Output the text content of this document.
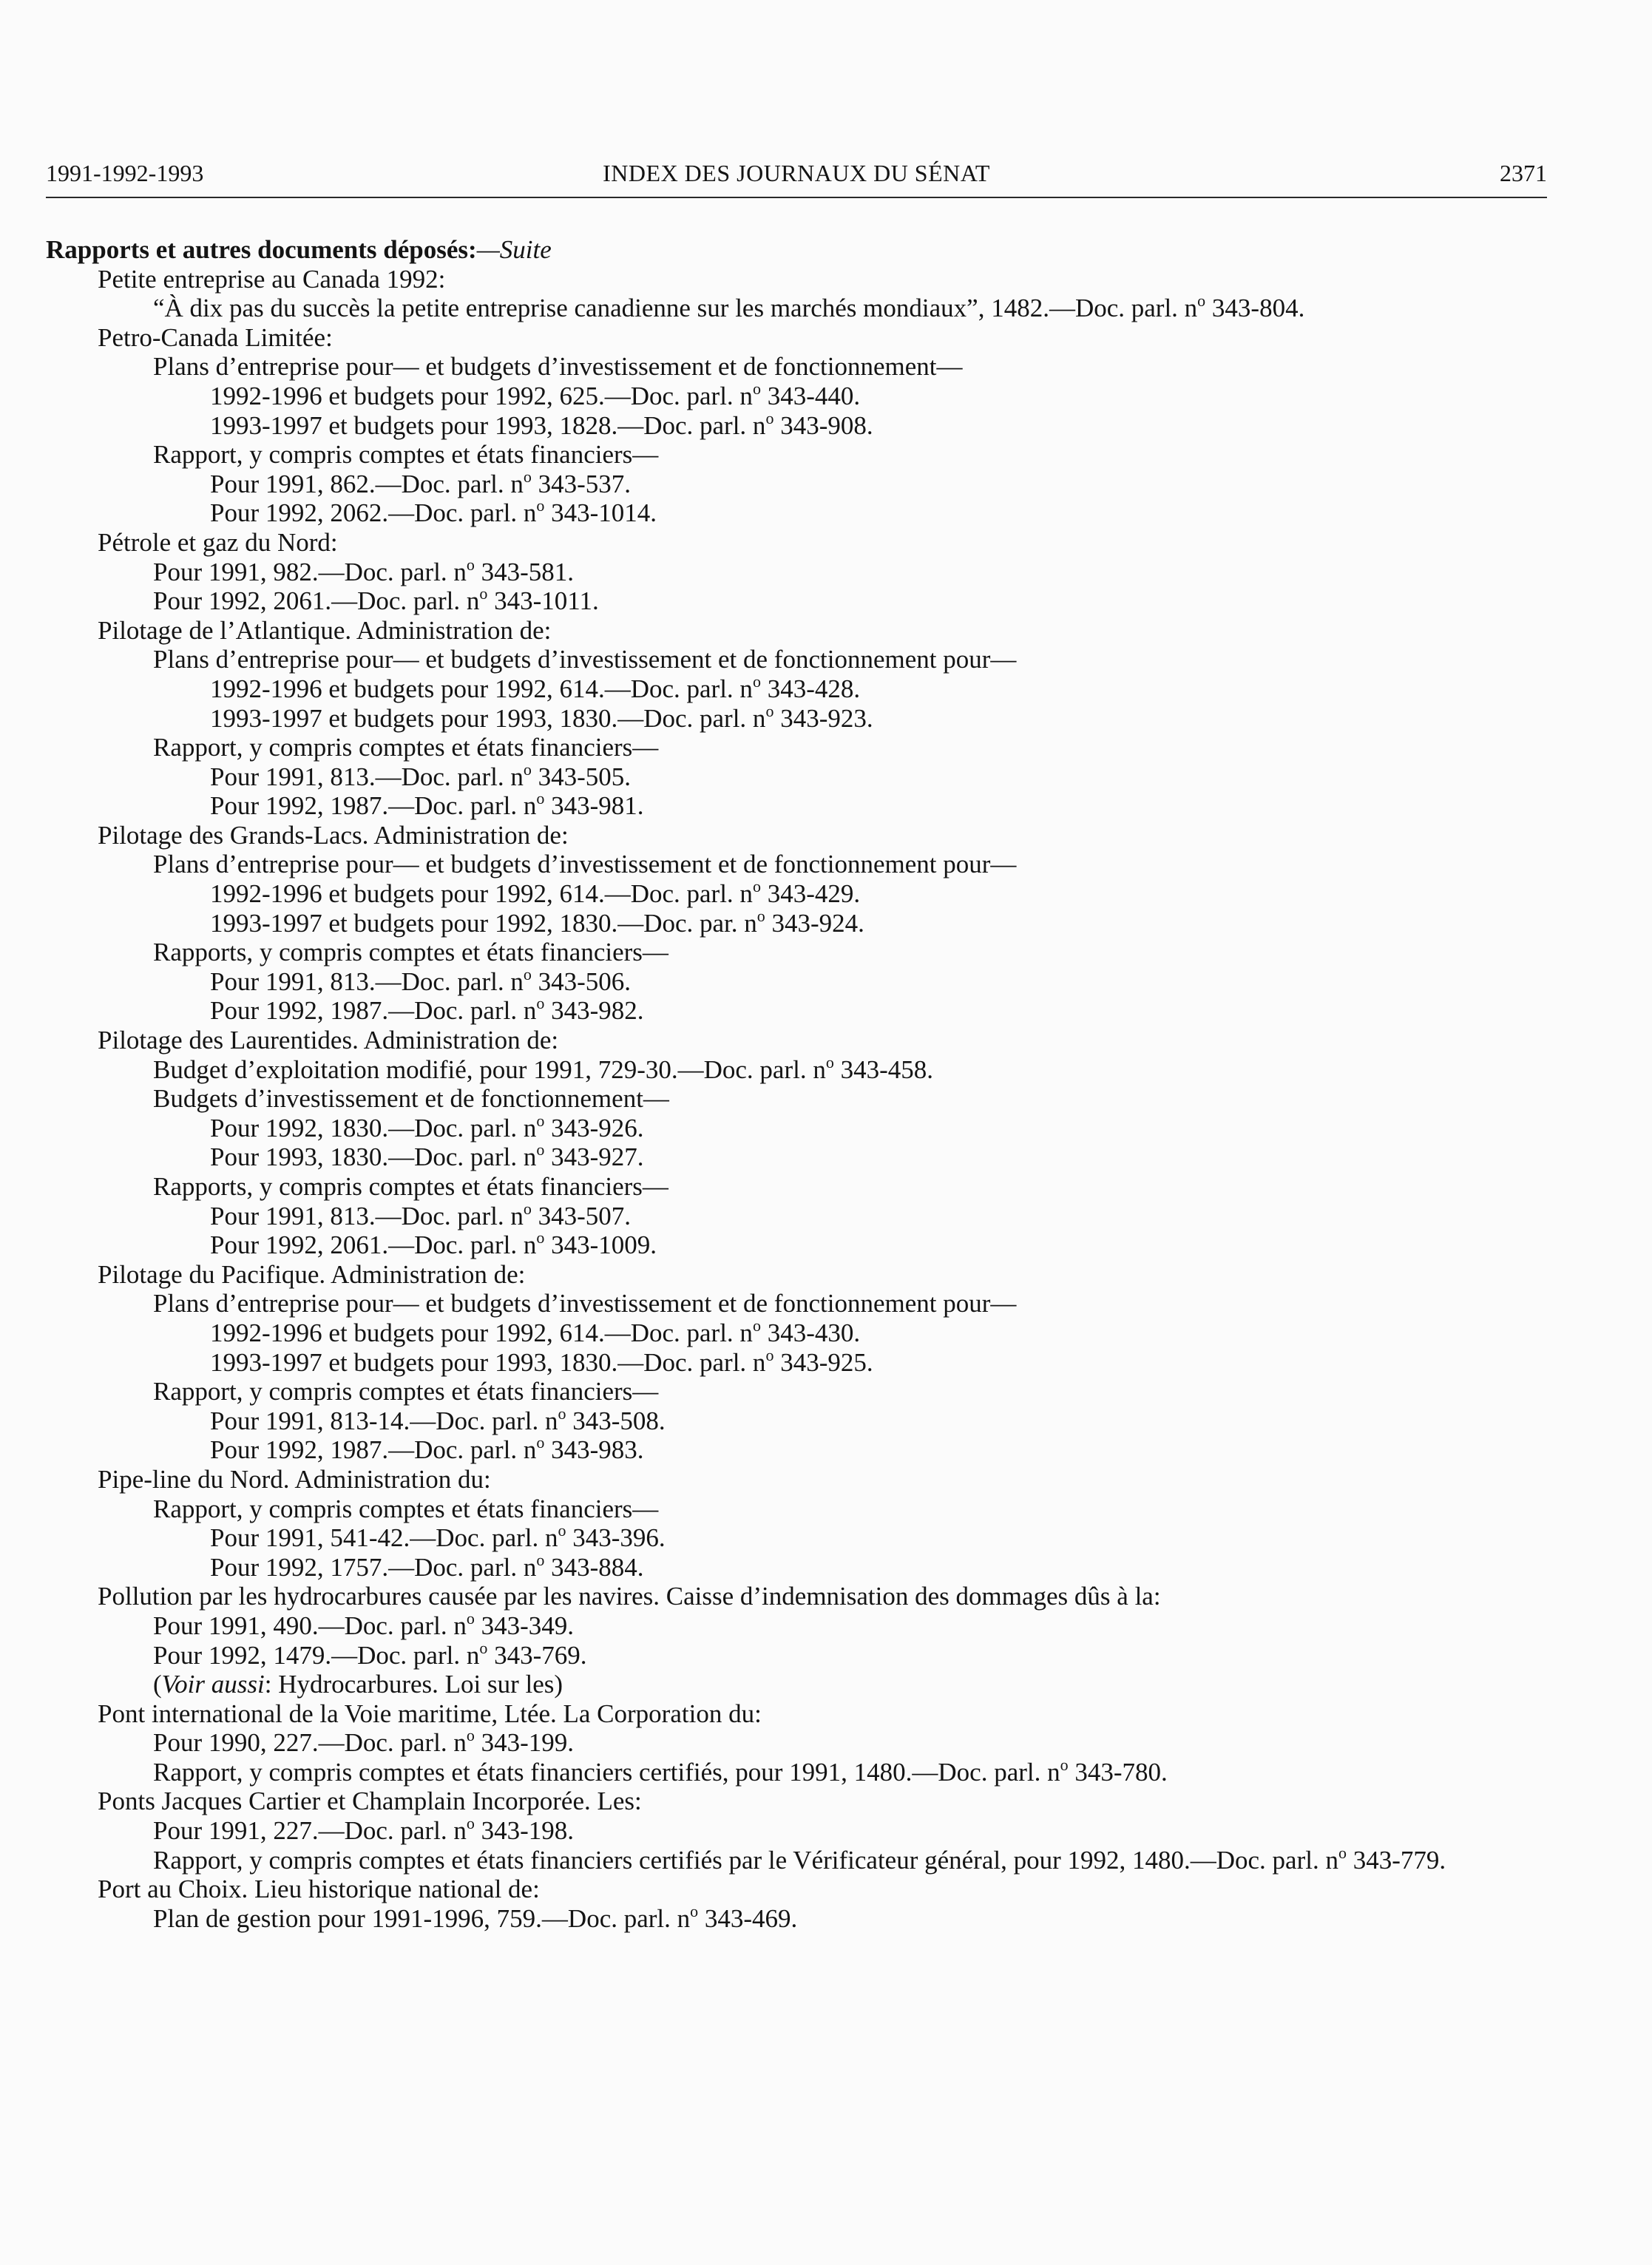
1991-1992-1993	INDEX DES JOURNAUX DU SÉNAT	2371
Rapports et autres documents déposés:—Suite
Petite entreprise au Canada 1992:
“À dix pas du succès la petite entreprise canadienne sur les marchés mondiaux”, 1482.—Doc. parl. $n^o$ 343-804.
Petro-Canada Limitée:
Plans d’entreprise pour— et budgets d’investissement et de fonctionnement—
1992-1996 et budgets pour 1992, 625.—Doc. parl. $n^o$ 343-440.
1993-1997 et budgets pour 1993, 1828.—Doc. parl. $n^o$ 343-908.
Rapport, y compris comptes et états financiers—
Pour 1991, 862.—Doc. parl. $n^o$ 343-537.
Pour 1992, 2062.—Doc. parl. $n^o$ 343-1014.
Pétrole et gaz du Nord:
Pour 1991, 982.—Doc. parl. $n^o$ 343-581.
Pour 1992, 2061.—Doc. parl. $n^o$ 343-1011.
Pilotage de l’Atlantique. Administration de:
Plans d’entreprise pour— et budgets d’investissement et de fonctionnement pour—
1992-1996 et budgets pour 1992, 614.—Doc. parl. $n^o$ 343-428.
1993-1997 et budgets pour 1993, 1830.—Doc. parl. $n^o$ 343-923.
Rapport, y compris comptes et états financiers—
Pour 1991, 813.—Doc. parl. $n^o$ 343-505.
Pour 1992, 1987.—Doc. parl. $n^o$ 343-981.
Pilotage des Grands-Lacs. Administration de:
Plans d’entreprise pour— et budgets d’investissement et de fonctionnement pour—
1992-1996 et budgets pour 1992, 614.—Doc. parl. $n^o$ 343-429.
1993-1997 et budgets pour 1992, 1830.—Doc. par. $n^o$ 343-924.
Rapports, y compris comptes et états financiers—
Pour 1991, 813.—Doc. parl. $n^o$ 343-506.
Pour 1992, 1987.—Doc. parl. $n^o$ 343-982.
Pilotage des Laurentides. Administration de:
Budget d’exploitation modifié, pour 1991, 729-30.—Doc. parl. $n^o$ 343-458.
Budgets d’investissement et de fonctionnement—
Pour 1992, 1830.—Doc. parl. $n^o$ 343-926.
Pour 1993, 1830.—Doc. parl. $n^o$ 343-927.
Rapports, y compris comptes et états financiers—
Pour 1991, 813.—Doc. parl. $n^o$ 343-507.
Pour 1992, 2061.—Doc. parl. $n^o$ 343-1009.
Pilotage du Pacifique. Administration de:
Plans d’entreprise pour— et budgets d’investissement et de fonctionnement pour—
1992-1996 et budgets pour 1992, 614.—Doc. parl. $n^o$ 343-430.
1993-1997 et budgets pour 1993, 1830.—Doc. parl. $n^o$ 343-925.
Rapport, y compris comptes et états financiers—
Pour 1991, 813-14.—Doc. parl. $n^o$ 343-508.
Pour 1992, 1987.—Doc. parl. $n^o$ 343-983.
Pipe-line du Nord. Administration du:
Rapport, y compris comptes et états financiers—
Pour 1991, 541-42.—Doc. parl. $n^o$ 343-396.
Pour 1992, 1757.—Doc. parl. $n^o$ 343-884.
Pollution par les hydrocarbures causée par les navires. Caisse d’indemnisation des dommages dûs à la:
Pour 1991, 490.—Doc. parl. $n^o$ 343-349.
Pour 1992, 1479.—Doc. parl. $n^o$ 343-769.
(Voir aussi: Hydrocarbures. Loi sur les)
Pont international de la Voie maritime, Ltée. La Corporation du:
Pour 1990, 227.—Doc. parl. $n^o$ 343-199.
Rapport, y compris comptes et états financiers certifiés, pour 1991, 1480.—Doc. parl. $n^o$ 343-780.
Ponts Jacques Cartier et Champlain Incorporée. Les:
Pour 1991, 227.—Doc. parl. $n^o$ 343-198.
Rapport, y compris comptes et états financiers certifiés par le Vérificateur général, pour 1992, 1480.—Doc. parl. $n^o$ 343-779.
Port au Choix. Lieu historique national de:
Plan de gestion pour 1991-1996, 759.—Doc. parl. $n^o$ 343-469.
